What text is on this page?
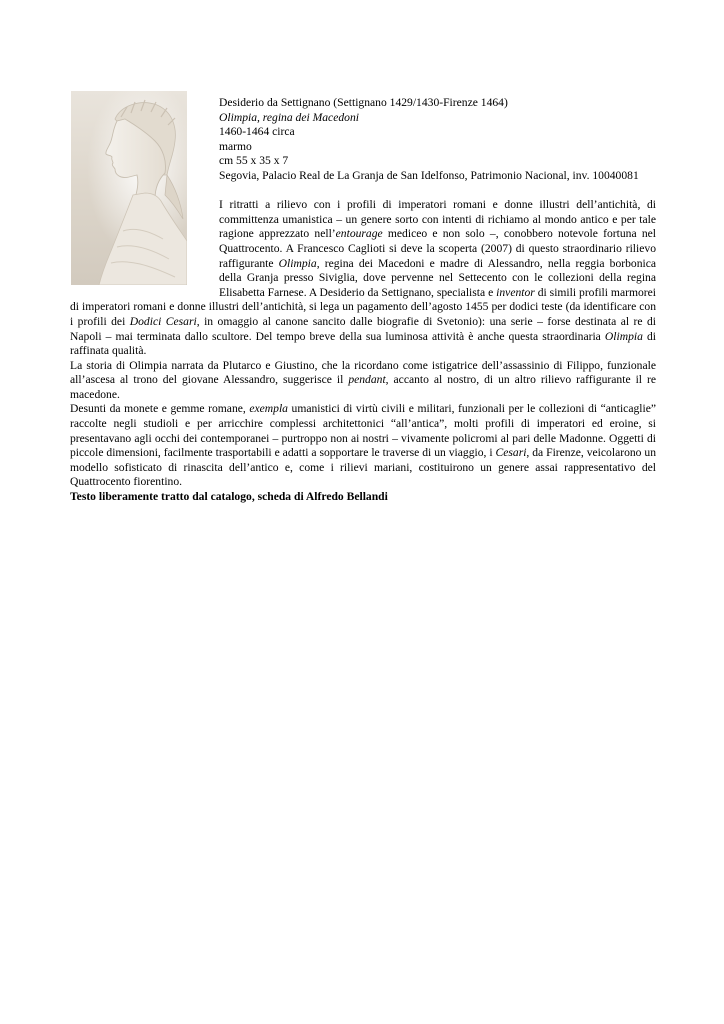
Desiderio da Settignano (Settignano 1429/1430-Firenze 1464)

Olimpia, regina dei Macedoni

1460-1464 circa

marmo

cm 55 x 35 x 7

Segovia, Palacio Real de La Granja de San Idelfonso, Patrimonio Nacional, inv. 10040081

I ritratti a rilievo con i profili di imperatori romani e donne illustri dell’antichità, di committenza umanistica – un genere sorto con intenti di richiamo al mondo antico e per tale ragione apprezzato nell’entourage mediceo e non solo –, conobbero notevole fortuna nel Quattrocento. A Francesco Caglioti si deve la scoperta (2007) di questo straordinario rilievo raffigurante Olimpia, regina dei Macedoni e madre di Alessandro, nella reggia borbonica della Granja presso Siviglia, dove pervenne nel Settecento con le collezioni della regina Elisabetta Farnese. A Desiderio da Settignano, specialista e inventor di simili profili marmorei di imperatori romani e donne illustri dell’antichità, si lega un pagamento dell’agosto 1455 per dodici teste (da identificare con i profili dei Dodici Cesari, in omaggio al canone sancito dalle biografie di Svetonio): una serie – forse destinata al re di Napoli – mai terminata dallo scultore. Del tempo breve della sua luminosa attività è anche questa straordinaria Olimpia di raffinata qualità.

La storia di Olimpia narrata da Plutarco e Giustino, che la ricordano come istigatrice dell’assassinio di Filippo, funzionale all’ascesa al trono del giovane Alessandro, suggerisce il pendant, accanto al nostro, di un altro rilievo raffigurante il re macedone.

Desunti da monete e gemme romane, exempla umanistici di virtù civili e militari, funzionali per le collezioni di “anticaglie” raccolte negli studioli e per arricchire complessi architettonici “all’antica”, molti profili di imperatori ed eroine, si presentavano agli occhi dei contemporanei – purtroppo non ai nostri – vivamente policromi al pari delle Madonne. Oggetti di piccole dimensioni, facilmente trasportabili e adatti a sopportare le traverse di un viaggio, i Cesari, da Firenze, veicolarono un modello sofisticato di rinascita dell’antico e, come i rilievi mariani, costituirono un genere assai rappresentativo del Quattrocento fiorentino.

Testo liberamente tratto dal catalogo, scheda di Alfredo Bellandi
